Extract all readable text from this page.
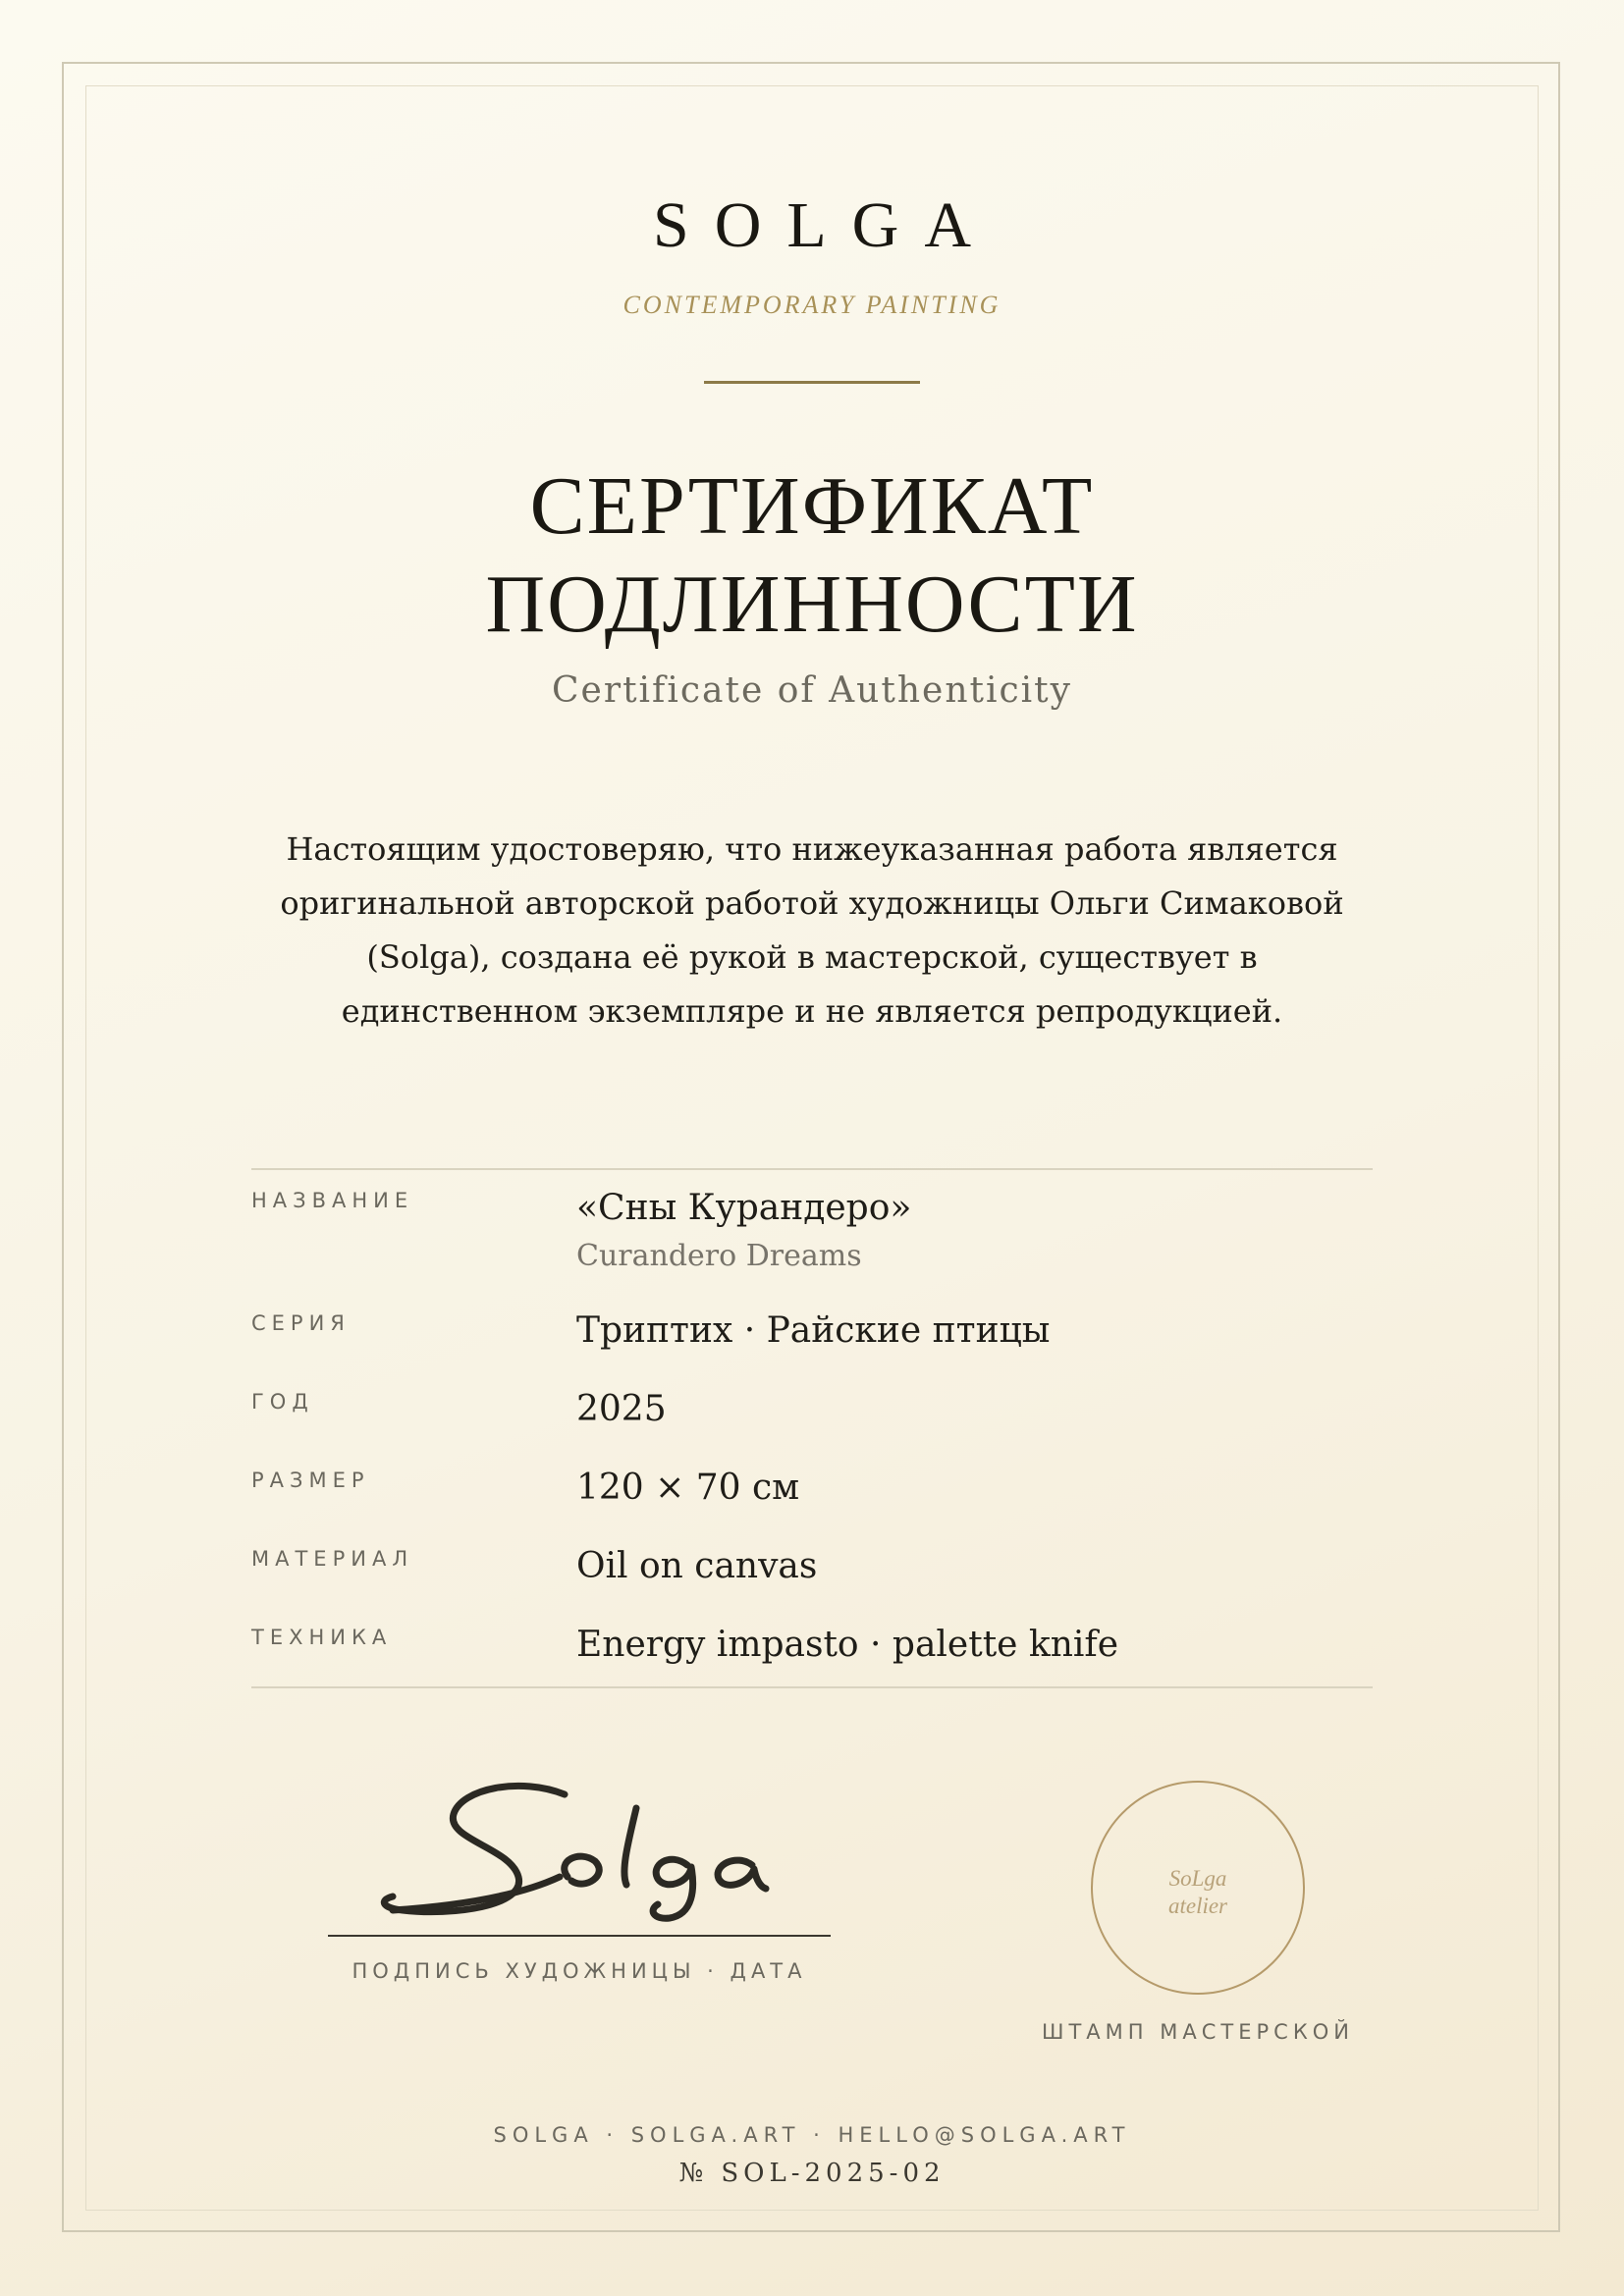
SOLGA
CONTEMPORARY PAINTING
СЕРТИФИКАТ
ПОДЛИННОСТИ
Certificate of Authenticity
Настоящим удостоверяю, что нижеуказанная работа является оригинальной авторской работой художницы Ольги Симаковой (Solga), создана её рукой в мастерской, существует в единственном экземпляре и не является репродукцией.
НАЗВАНИЕ	«Сны Курандеро»
Curandero Dreams
СЕРИЯ	Триптих · Райские птицы
ГОД	2025
РАЗМЕР	120 × 70 см
МАТЕРИАЛ	Oil on canvas
ТЕХНИКА	Energy impasto · palette knife
ПОДПИСЬ ХУДОЖНИЦЫ · ДАТА
SoLga
atelier
ШТАМП МАСТЕРСКОЙ
SOLGA · SOLGA.ART · HELLO@SOLGA.ART
№ SOL-2025-02
